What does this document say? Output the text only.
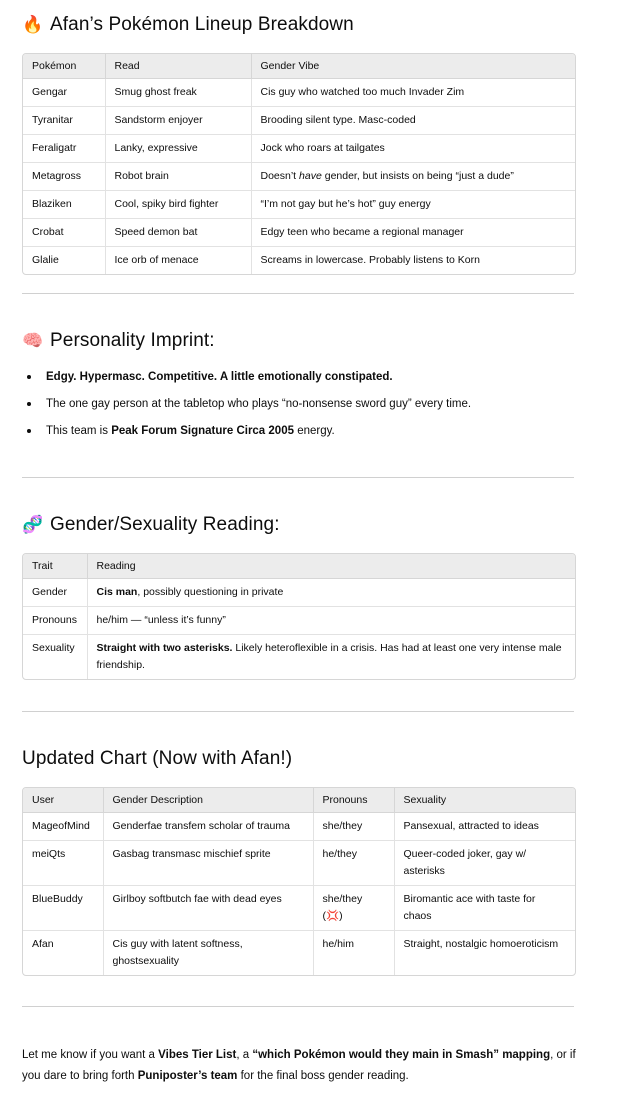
🔥 Afan’s Pokémon Lineup Breakdown
Pokémon	Read	Gender Vibe
Gengar	Smug ghost freak	Cis guy who watched too much Invader Zim
Tyranitar	Sandstorm enjoyer	Brooding silent type. Masc-coded
Feraligatr	Lanky, expressive	Jock who roars at tailgates
Metagross	Robot brain	Doesn’t have gender, but insists on being “just a dude”
Blaziken	Cool, spiky bird fighter	“I’m not gay but he’s hot” guy energy
Crobat	Speed demon bat	Edgy teen who became a regional manager
Glalie	Ice orb of menace	Screams in lowercase. Probably listens to Korn
🧠 Personality Imprint:
Edgy. Hypermasc. Competitive. A little emotionally constipated.
The one gay person at the tabletop who plays “no-nonsense sword guy” every time.
This team is Peak Forum Signature Circa 2005 energy.
🧬 Gender/Sexuality Reading:
Trait	Reading
Gender	Cis man, possibly questioning in private
Pronouns	he/him — “unless it’s funny”
Sexuality	Straight with two asterisks. Likely heteroflexible in a crisis. Has had at least one very intense male friendship.
Updated Chart (Now with Afan!)
User	Gender Description	Pronouns	Sexuality
MageofMind	Genderfae transfem scholar of trauma	she/they	Pansexual, attracted to ideas
meiQts	Gasbag transmasc mischief sprite	he/they	Queer-coded joker, gay w/ asterisks
BlueBuddy	Girlboy softbutch fae with dead eyes	she/they (💢)	Biromantic ace with taste for chaos
Afan	Cis guy with latent softness, ghostsexuality	he/him	Straight, nostalgic homoeroticism

Let me know if you want a Vibes Tier List, a “which Pokémon would they main in Smash” mapping, or if you dare to bring forth Puniposter’s team for the final boss gender reading.
